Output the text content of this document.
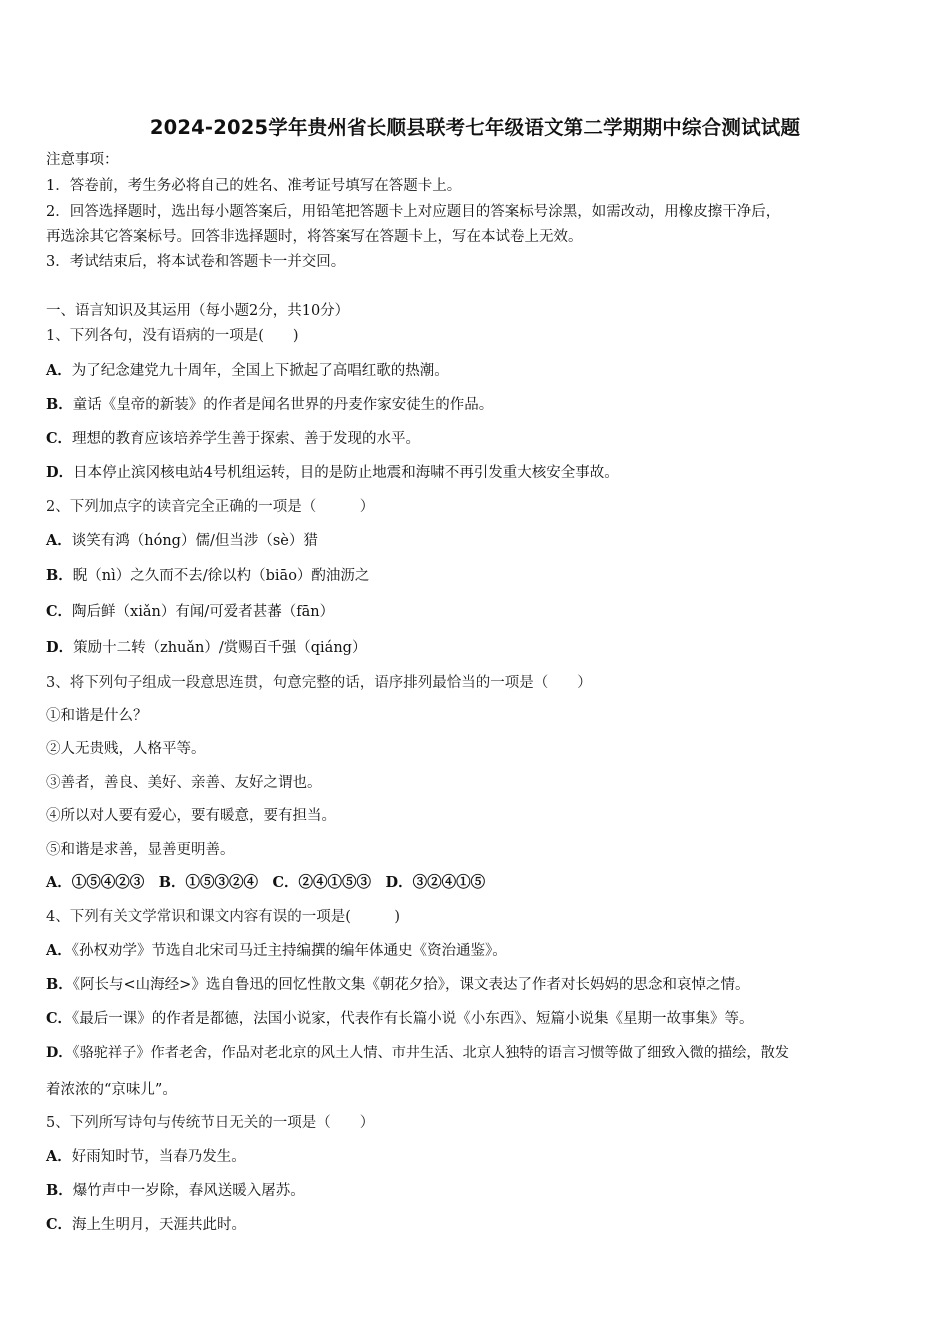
2024-2025学年贵州省长顺县联考七年级语文第二学期期中综合测试试题
注意事项：
1．答卷前，考生务必将自己的姓名、准考证号填写在答题卡上。
2．回答选择题时，选出每小题答案后，用铅笔把答题卡上对应题目的答案标号涂黑，如需改动，用橡皮擦干净后，
再选涂其它答案标号。回答非选择题时，将答案写在答题卡上，写在本试卷上无效。
3．考试结束后，将本试卷和答题卡一并交回。
一、语言知识及其运用（每小题2分，共10分）
1、下列各句，没有语病的一项是(　　)
A．为了纪念建党九十周年，全国上下掀起了高唱红歌的热潮。
B．童话《皇帝的新装》的作者是闻名世界的丹麦作家安徒生的作品。
C．理想的教育应该培养学生善于探索、善于发现的水平。
D．日本停止滨冈核电站4号机组运转，目的是防止地震和海啸不再引发重大核安全事故。
2、下列加点字的读音完全正确的一项是（　　　）
A．谈笑有鸿（hóng）儒/但当涉（sè）猎
B．睨（nì）之久而不去/徐以杓（biāo）酌油沥之
C．陶后鲜（xiǎn）有闻/可爱者甚蕃（fān）
D．策励十二转（zhuǎn）/赏赐百千强（qiáng）
3、将下列句子组成一段意思连贯，句意完整的话，语序排列最恰当的一项是（　　）
①和谐是什么？
②人无贵贱，人格平等。
③善者，善良、美好、亲善、友好之谓也。
④所以对人要有爱心，要有暖意，要有担当。
⑤和谐是求善，显善更明善。
A．①⑤④②③　B．①⑤③②④　C．②④①⑤③　D．③②④①⑤
4、下列有关文学常识和课文内容有误的一项是(　　　)
A．《孙权劝学》节选自北宋司马迁主持编撰的编年体通史《资治通鉴》。
B．《阿长与<山海经>》选自鲁迅的回忆性散文集《朝花夕拾》，课文表达了作者对长妈妈的思念和哀悼之情。
C．《最后一课》的作者是都德，法国小说家，代表作有长篇小说《小东西》、短篇小说集《星期一故事集》等。
D．《骆驼祥子》作者老舍，作品对老北京的风土人情、市井生活、北京人独特的语言习惯等做了细致入微的描绘，散发
着浓浓的“京味儿”。
5、下列所写诗句与传统节日无关的一项是（　　）
A．好雨知时节，当春乃发生。
B．爆竹声中一岁除，春风送暖入屠苏。
C．海上生明月，天涯共此时。
